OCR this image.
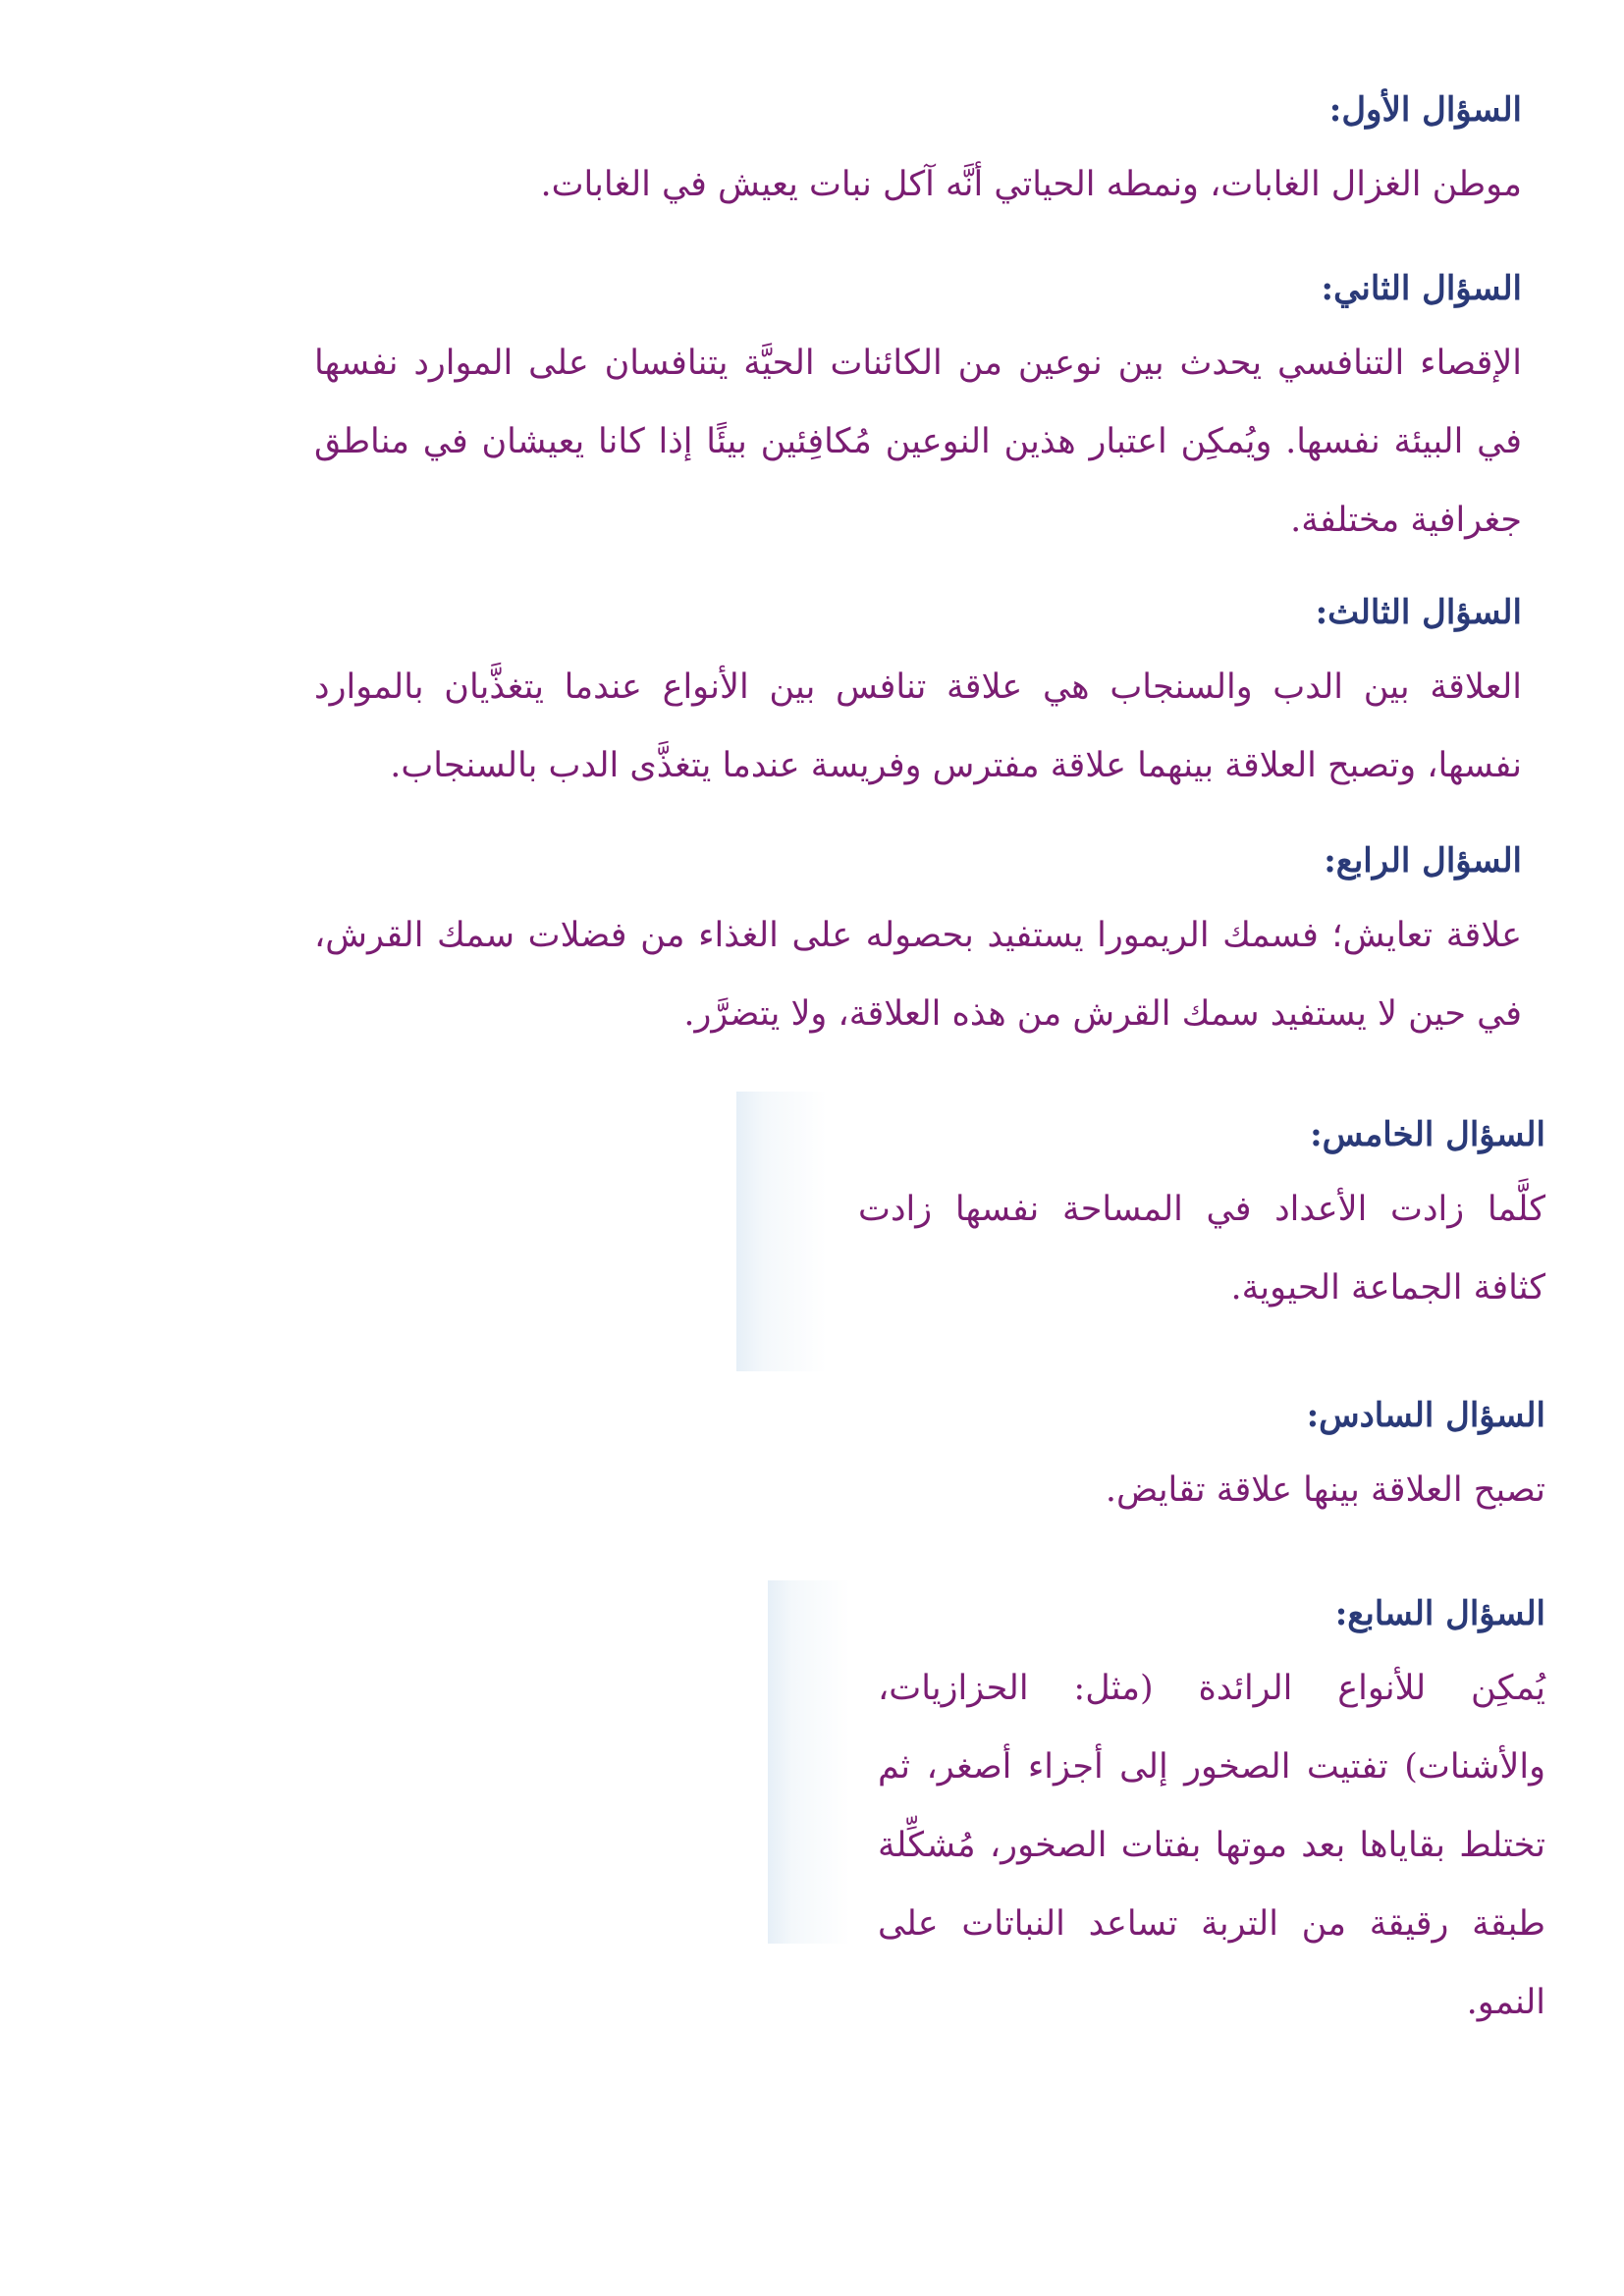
السؤال الأول:

موطن الغزال الغابات، ونمطه الحياتي أنَّه آكل نبات يعيش في الغابات.

السؤال الثاني:

الإقصاء التنافسي يحدث بين نوعين من الكائنات الحيَّة يتنافسان على الموارد نفسها في البيئة نفسها. ويُمكِن اعتبار هذين النوعين مُكافِئين بيئًا إذا كانا يعيشان في مناطق جغرافية مختلفة.

السؤال الثالث:

العلاقة بين الدب والسنجاب هي علاقة تنافس بين الأنواع عندما يتغذَّيان بالموارد نفسها، وتصبح العلاقة بينهما علاقة مفترس وفريسة عندما يتغذَّى الدب بالسنجاب.

السؤال الرابع:

علاقة تعايش؛ فسمك الريمورا يستفيد بحصوله على الغذاء من فضلات سمك القرش، في حين لا يستفيد سمك القرش من هذه العلاقة، ولا يتضرَّر.

السؤال الخامس:

كلَّما زادت الأعداد في المساحة نفسها زادت كثافة الجماعة الحيوية.

السؤال السادس:

تصبح العلاقة بينها علاقة تقايض.

السؤال السابع:

يُمكِن للأنواع الرائدة (مثل: الحزازيات، والأشنات) تفتيت الصخور إلى أجزاء أصغر، ثم تختلط بقاياها بعد موتها بفتات الصخور، مُشكِّلة طبقة رقيقة من التربة تساعد النباتات على النمو.
